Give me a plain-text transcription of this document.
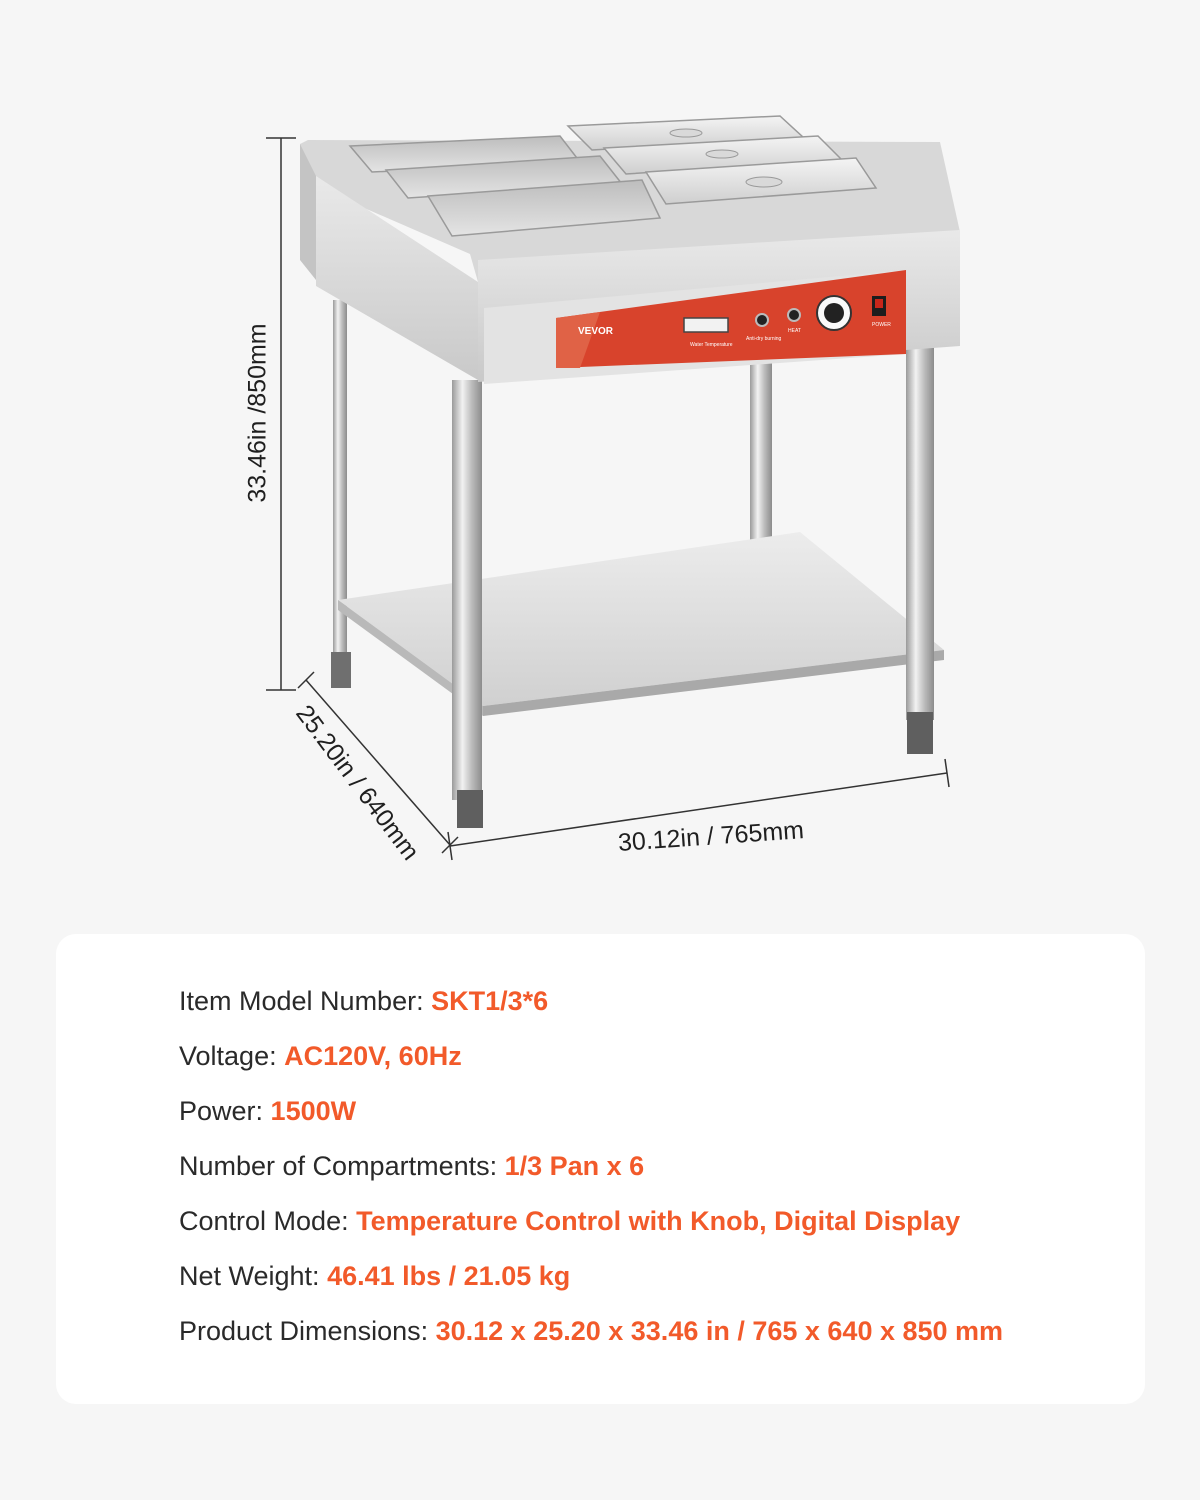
VEVOR
Water Temperature
Anti-dry burning
HEAT
POWER
33.46in /850mm
25.20in / 640mm	30.12in / 765mm
Item Model Number: SKT1/3*6
Voltage: AC120V, 60Hz
Power: 1500W
Number of Compartments: 1/3 Pan x 6
Control Mode: Temperature Control with Knob, Digital Display
Net Weight: 46.41 lbs / 21.05 kg
Product Dimensions: 30.12 x 25.20 x 33.46 in / 765 x 640 x 850 mm
